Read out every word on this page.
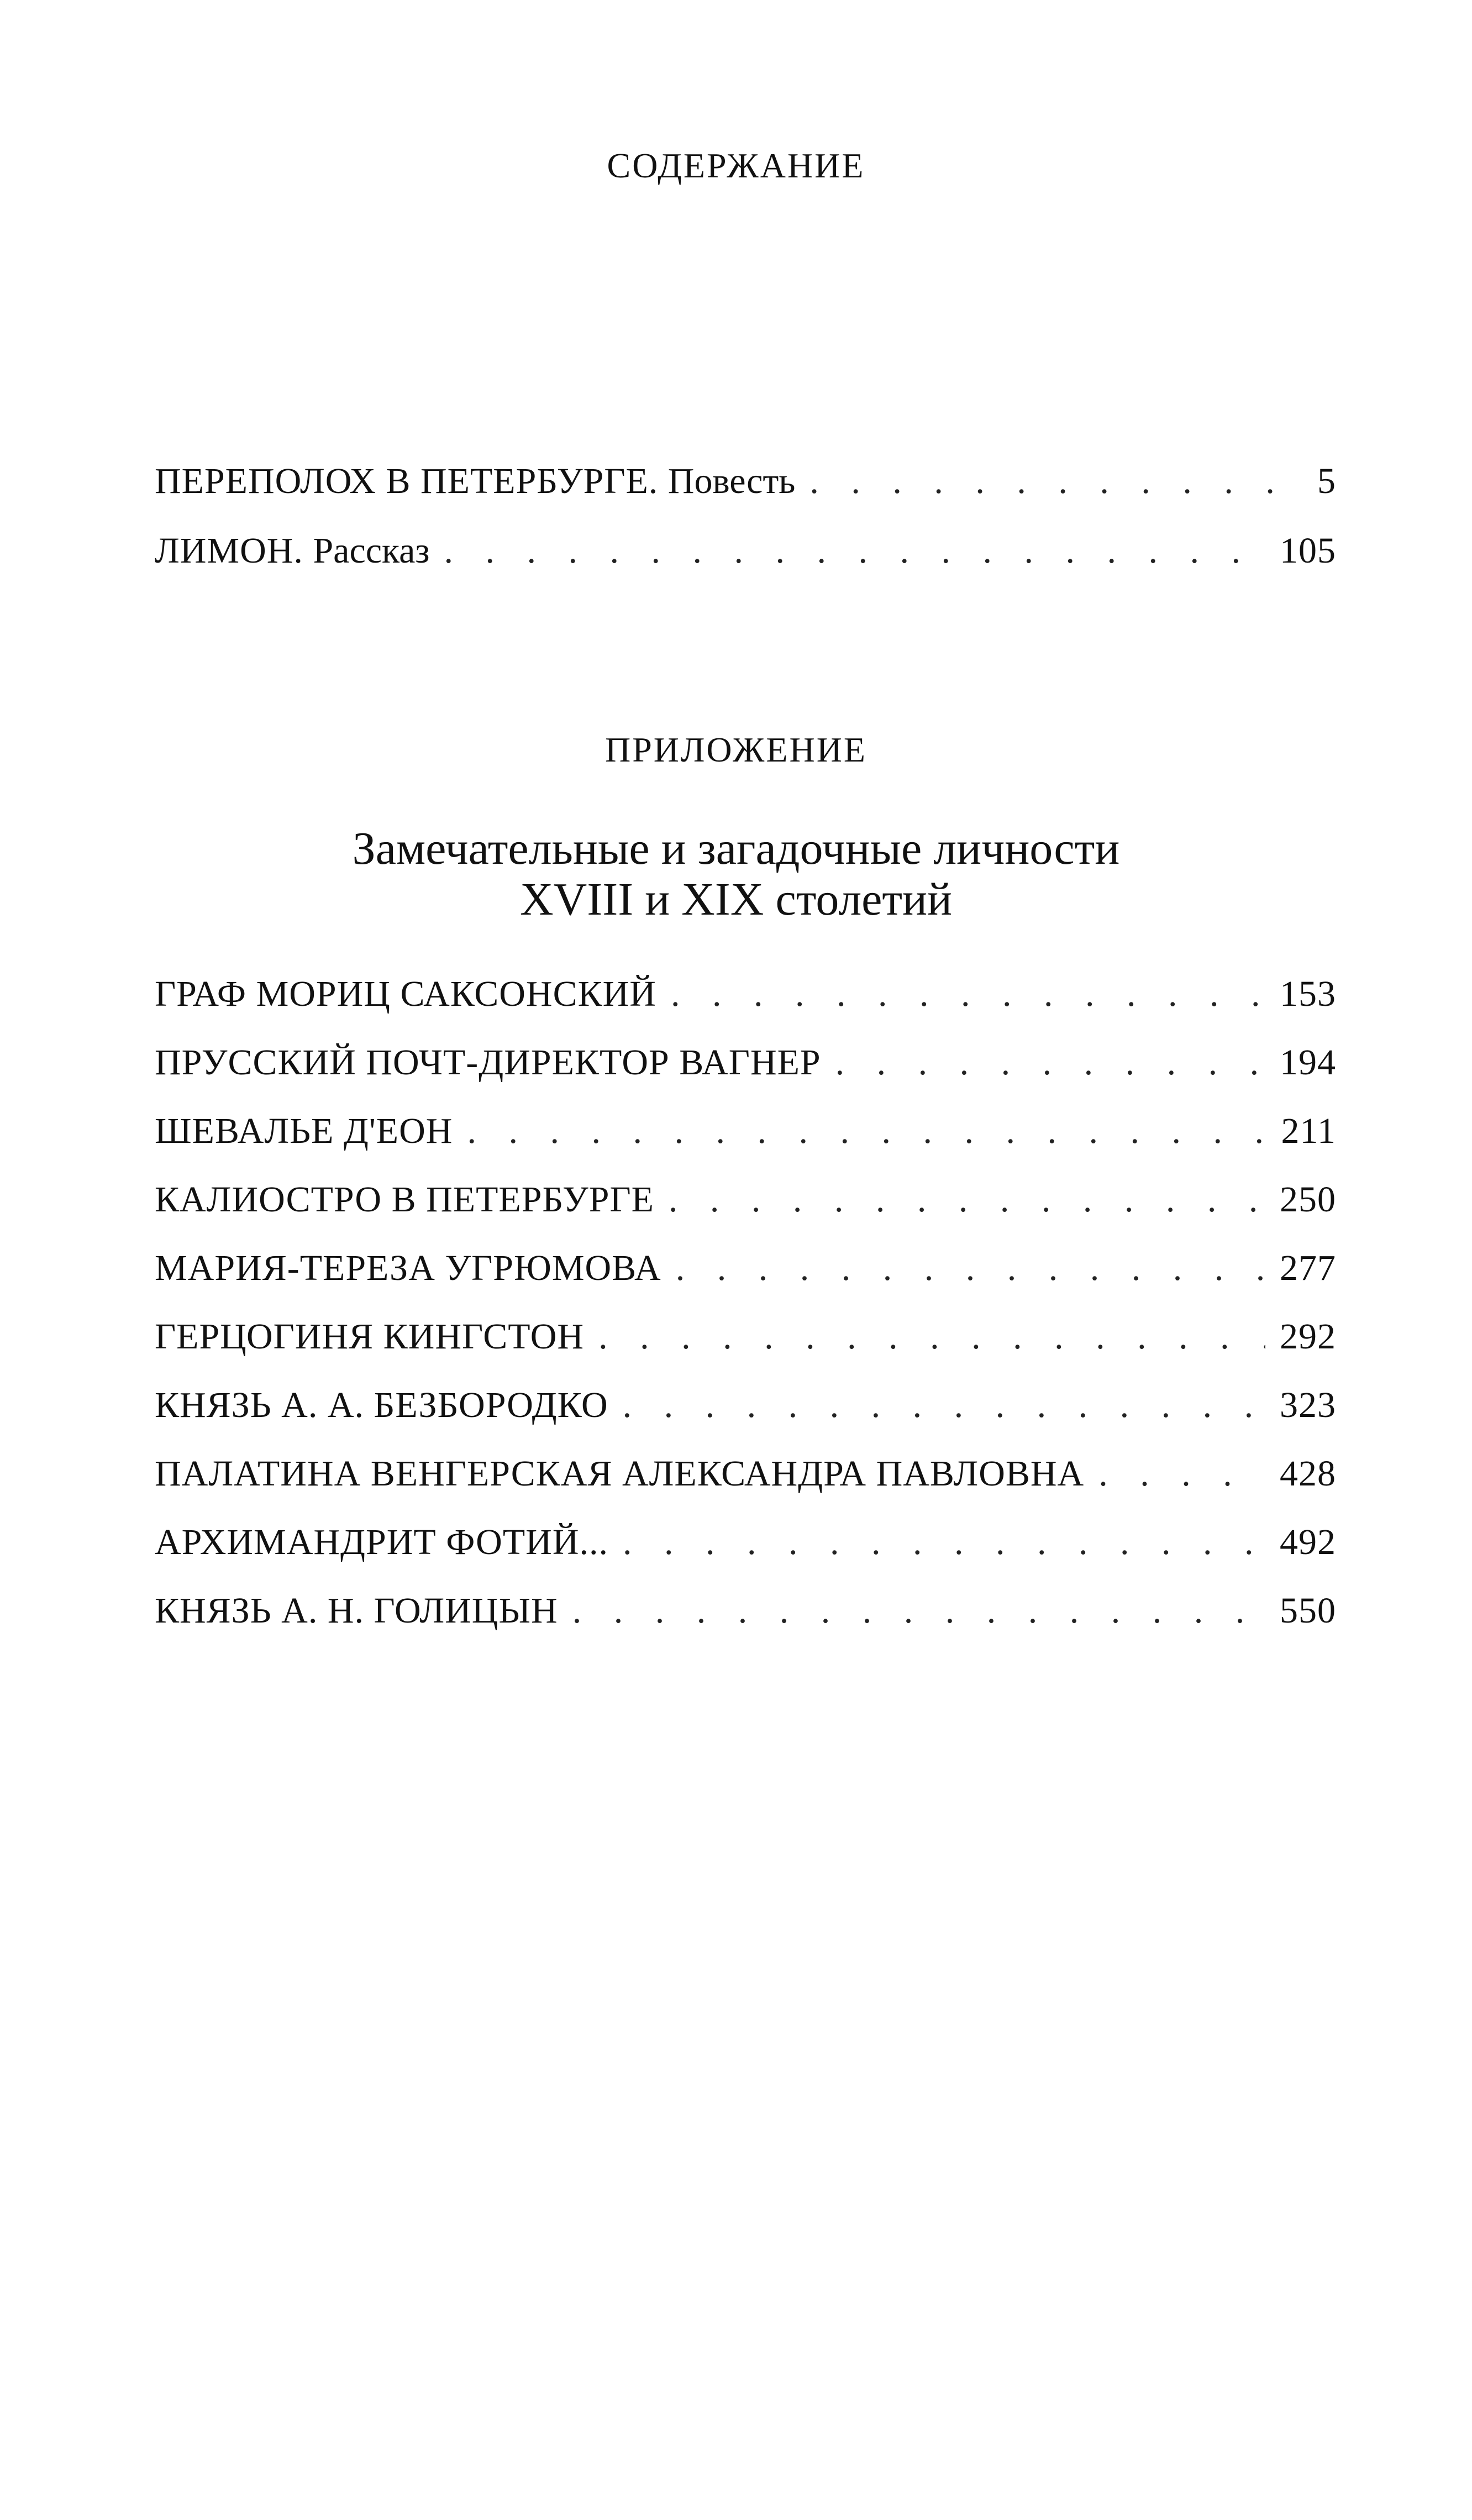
СОДЕРЖАНИЕ
ПЕРЕПОЛОХ В ПЕТЕРБУРГЕ. Повесть . . .	5
ЛИМОН. Рассказ . . .	105
ПРИЛОЖЕНИЕ
Замечательные и загадочные личности
XVIII и XIX столетий
ГРАФ МОРИЦ САКСОНСКИЙ . . .	153
ПРУССКИЙ ПОЧТ-ДИРЕКТОР ВАГНЕР . . .	194
ШЕВАЛЬЕ Д'ЕОН . . .	211
КАЛИОСТРО В ПЕТЕРБУРГЕ . . .	250
МАРИЯ-ТЕРЕЗА УГРЮМОВА . . .	277
ГЕРЦОГИНЯ КИНГСТОН . . .	292
КНЯЗЬ А. А. БЕЗБОРОДКО . . .	323
ПАЛАТИНА ВЕНГЕРСКАЯ АЛЕКСАНДРА ПАВЛОВНА . . .	428
АРХИМАНДРИТ ФОТИЙ... . . .	492
КНЯЗЬ А. Н. ГОЛИЦЫН . . .	550
